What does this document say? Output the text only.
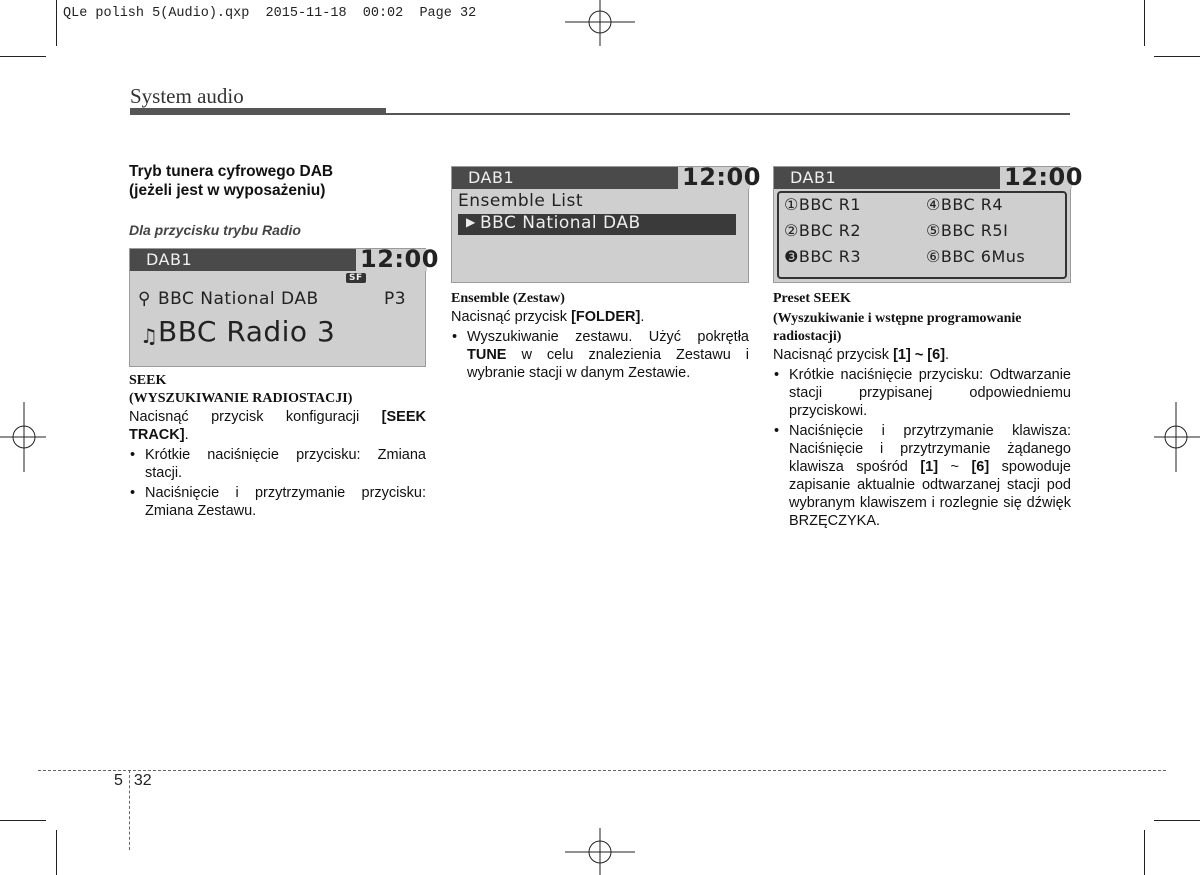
QLe polish 5(Audio).qxp  2015-11-18  00:02  Page 32
System audio
Tryb tunera cyfrowego DAB
(jeżeli jest w wyposażeniu)
Dla przycisku trybu Radio
DAB1	12:00
SF
⚲ BBC National DAB	P3
♫ BBC Radio 3
SEEK
(WYSZUKIWANIE RADIOSTACJI)
Nacisnąć przycisk konfiguracji [SEEK TRACK].
• Krótkie naciśnięcie przycisku: Zmiana stacji.
• Naciśnięcie i przytrzymanie przycisku: Zmiana Zestawu.
DAB1	12:00
Ensemble List
▶ BBC National DAB
Ensemble (Zestaw)
Nacisnąć przycisk [FOLDER].
• Wyszukiwanie zestawu. Użyć pokrętła TUNE w celu znalezienia Zestawu i wybranie stacji w danym Zestawie.
DAB1	12:00
①BBC R1	④BBC R4
②BBC R2	⑤BBC R5I
❸BBC R3	⑥BBC 6Mus
Preset SEEK
(Wyszukiwanie i wstępne programowanie radiostacji)
Nacisnąć przycisk [1] ~ [6].
• Krótkie naciśnięcie przycisku: Odtwarzanie stacji przypisanej odpowiedniemu przyciskowi.
• Naciśnięcie i przytrzymanie klawisza: Naciśnięcie i przytrzymanie żądanego klawisza spośród [1] ~ [6] spowoduje zapisanie aktualnie odtwarzanej stacji pod wybranym klawiszem i rozlegnie się dźwięk BRZĘCZYKA.
5 32
